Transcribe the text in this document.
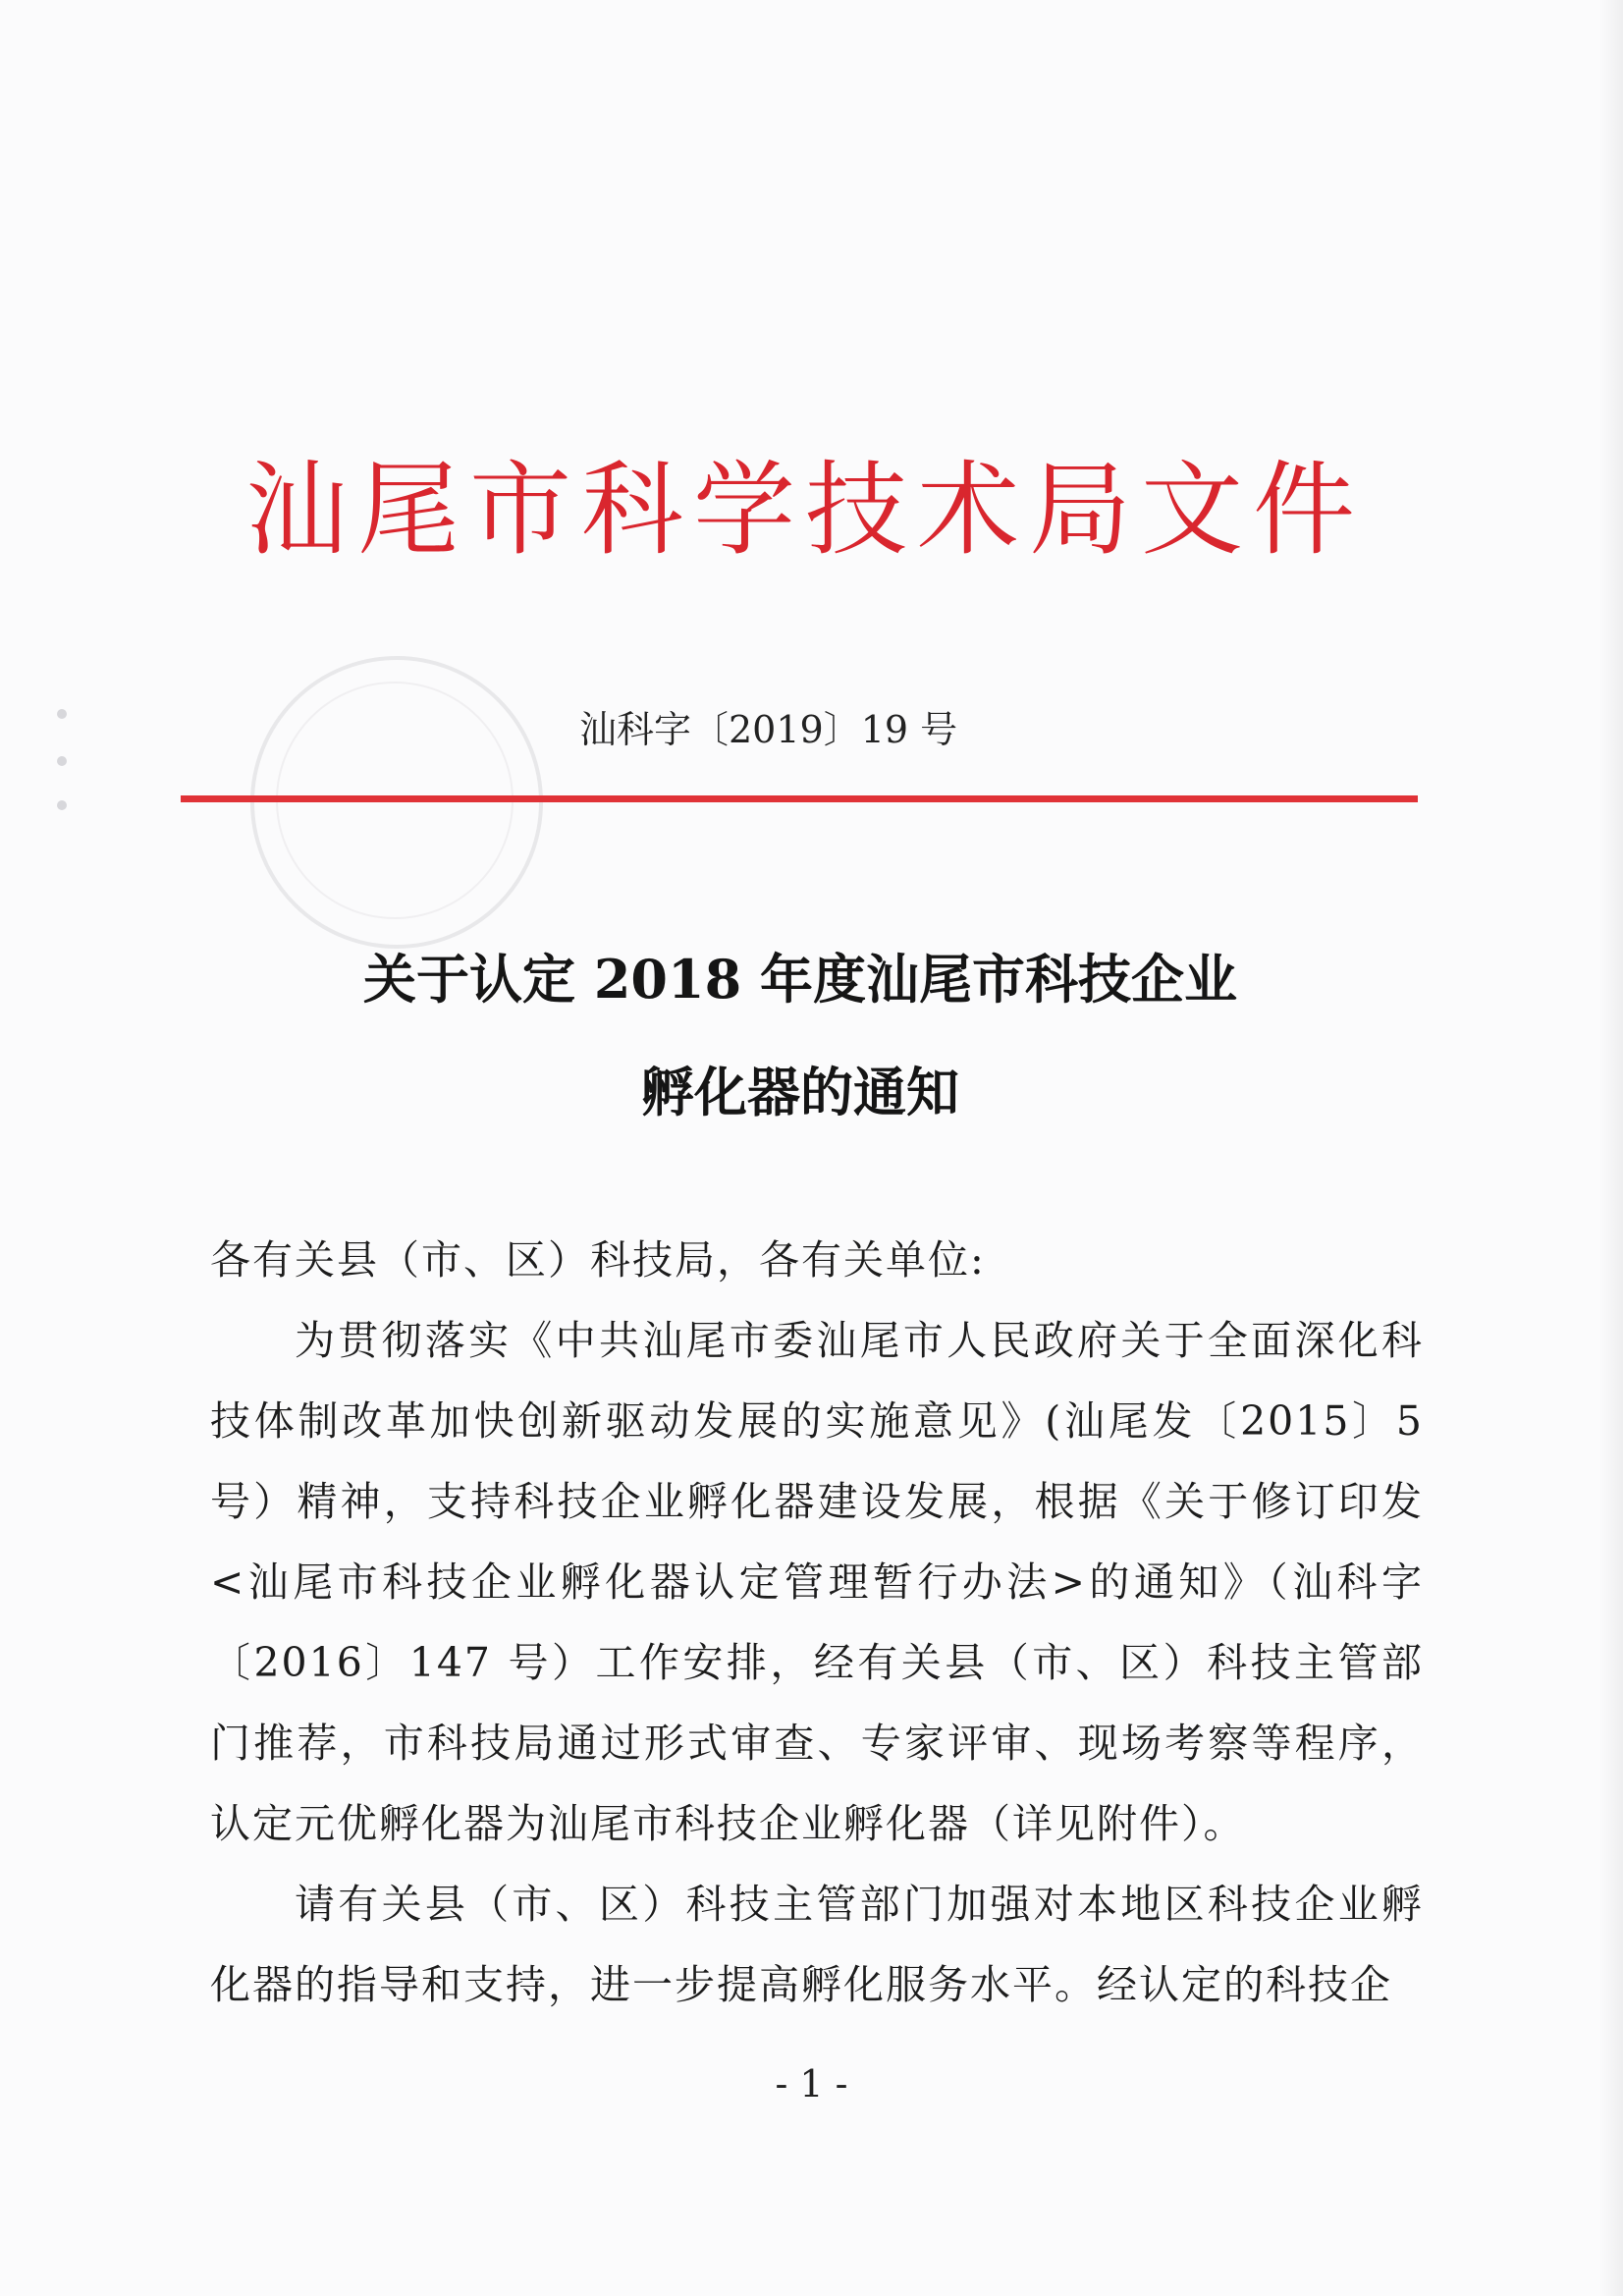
汕尾市科学技术局文件
汕科字〔2019〕19 号
关于认定 2018 年度汕尾市科技企业
孵化器的通知

各有关县（市、区）科技局，各有关单位:

为贯彻落实《中共汕尾市委汕尾市人民政府关于全面深化科技体制改革加快创新驱动发展的实施意见》(汕尾发〔2015〕5 号）精神，支持科技企业孵化器建设发展，根据《关于修订印发<汕尾市科技企业孵化器认定管理暂行办法>的通知》（汕科字〔2016〕147 号）工作安排，经有关县（市、区）科技主管部门推荐，市科技局通过形式审查、专家评审、现场考察等程序，认定元优孵化器为汕尾市科技企业孵化器（详见附件）。

请有关县（市、区）科技主管部门加强对本地区科技企业孵化器的指导和支持，进一步提高孵化服务水平。经认定的科技企

- 1 -
